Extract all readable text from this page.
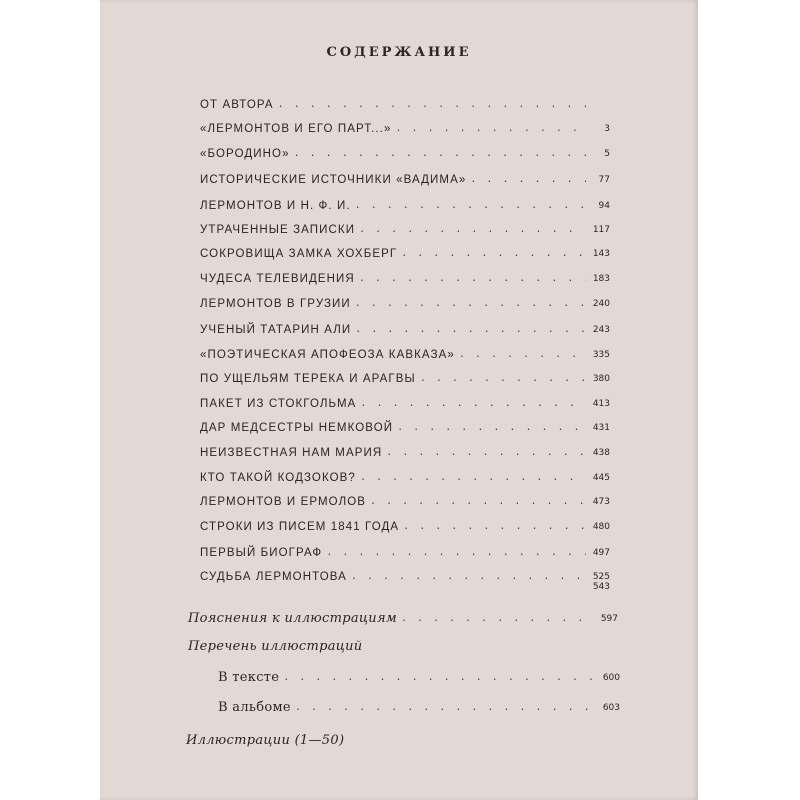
СОДЕРЖАНИЕ
ОТ АВТОРА
. . .
«ЛЕРМОНТОВ И ЕГО ПАРТ...» . . .	3
«БОРОДИНО» . . .	5
ИСТОРИЧЕСКИЕ ИСТОЧНИКИ «ВАДИМА» . . .	77
ЛЕРМОНТОВ И Н. Ф. И. . . .	94
УТРАЧЕННЫЕ ЗАПИСКИ . . .	117
СОКРОВИЩА ЗАМКА ХОХБЕРГ . . .	143
ЧУДЕСА ТЕЛЕВИДЕНИЯ . . .	183
ЛЕРМОНТОВ В ГРУЗИИ . . .	240
УЧЕНЫЙ ТАТАРИН АЛИ . . .	243
«ПОЭТИЧЕСКАЯ АПОФЕОЗА КАВКАЗА» . . .	335
ПО УЩЕЛЬЯМ ТЕРЕКА И АРАГВЫ . . .	380
ПАКЕТ ИЗ СТОКГОЛЬМА . . .	413
ДАР МЕДСЕСТРЫ НЕМКОВОЙ . . .	431
НЕИЗВЕСТНАЯ НАМ МАРИЯ . . .	438
КТО ТАКОЙ КОДЗОКОВ? . . .	445
ЛЕРМОНТОВ И ЕРМОЛОВ . . .	473
СТРОКИ ИЗ ПИСЕМ 1841 ГОДА . . .	480
ПЕРВЫЙ БИОГРАФ . . .	497
СУДЬБА ЛЕРМОНТОВА . . .	525
543
Пояснения к иллюстрациям . . .	597
Перечень иллюстраций
В тексте . . .	600
В альбоме . . .	603
Иллюстрации (1—50)
